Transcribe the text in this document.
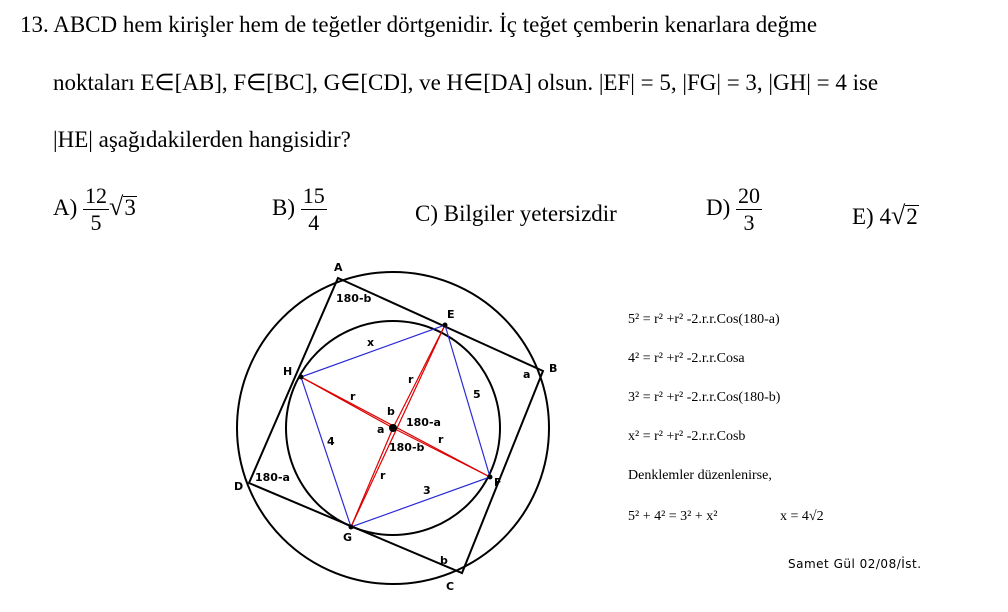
13. ABCD hem kirişler hem de teğetler dörtgenidir. İç teğet çemberin kenarlara değme
noktaları E∈[AB], F∈[BC], G∈[CD], ve H∈[DA] olsun. |EF| = 5, |FG| = 3, |GH| = 4 ise
|HE| aşağıdakilerden hangisidir?
$A) \frac{12}{5} √3$	$B) \frac{15}{4}$	C) Bilgiler yetersizdir	$D) \frac{20}{3}$	E) 4√2
A
B
C
D
E
F
G
H
180-b
a
b
180-a
b
a
180-a
180-b
x
5
3
4
r
r
r
r
5² = r² +r² -2.r.r.Cos(180-a)
4² = r² +r² -2.r.r.Cosa
3² = r² +r² -2.r.r.Cos(180-b)
x² = r² +r² -2.r.r.Cosb
Denklemler düzenlenirse,
5² + 4² = 3² + x²	x = 4√2
Samet Gül 02/08/İst.
